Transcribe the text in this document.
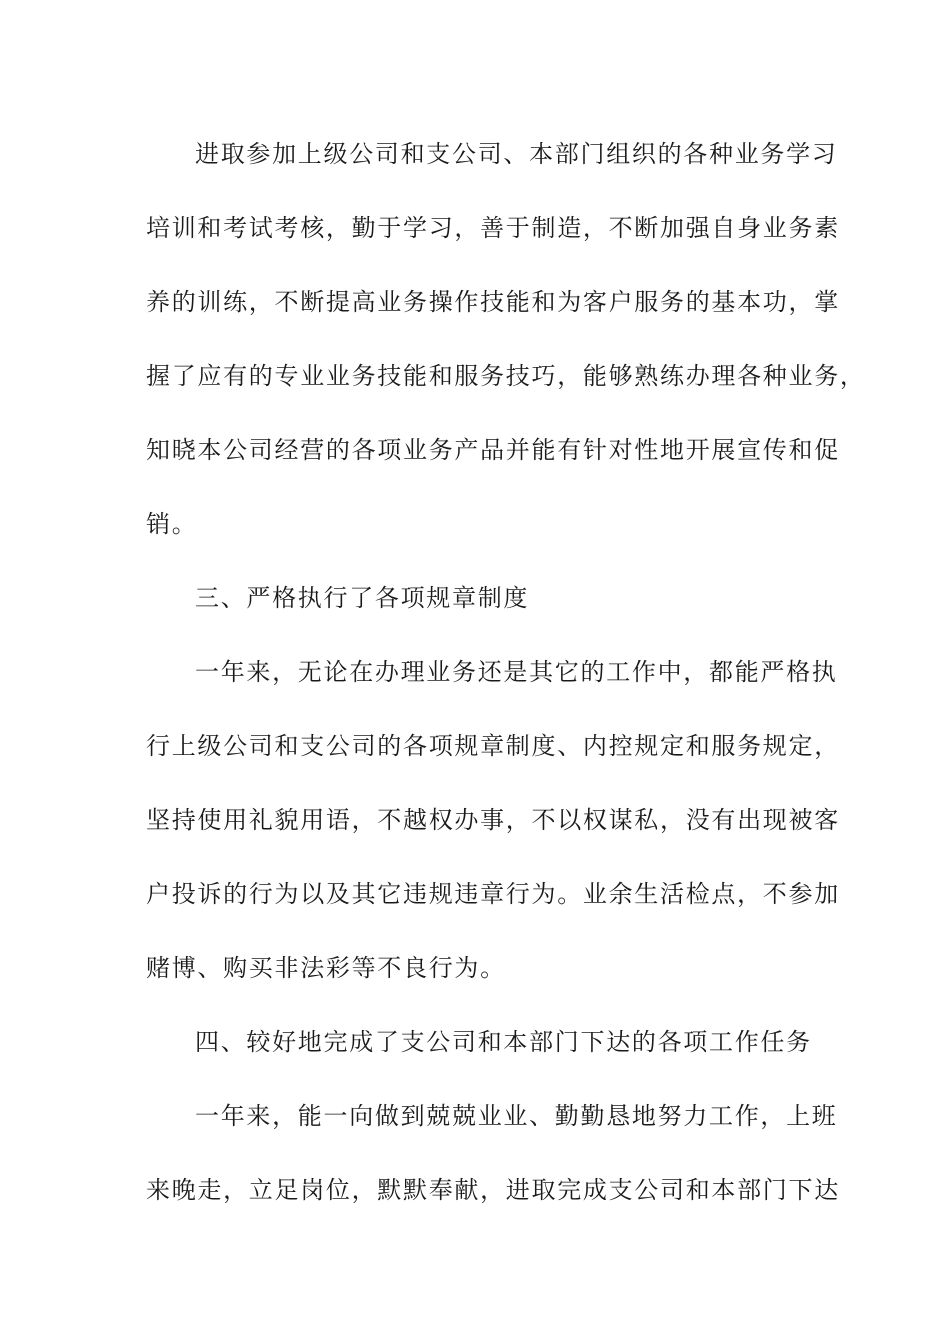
进取参加上级公司和支公司、本部门组织的各种业务学习
培训和考试考核，勤于学习，善于制造，不断加强自身业务素
养的训练，不断提高业务操作技能和为客户服务的基本功，掌
握了应有的专业业务技能和服务技巧，能够熟练办理各种业务，
知晓本公司经营的各项业务产品并能有针对性地开展宣传和促
销。
三、严格执行了各项规章制度
一年来，无论在办理业务还是其它的工作中，都能严格执
行上级公司和支公司的各项规章制度、内控规定和服务规定，
坚持使用礼貌用语，不越权办事，不以权谋私，没有出现被客
户投诉的行为以及其它违规违章行为。业余生活检点，不参加
赌博、购买非法彩等不良行为。
四、较好地完成了支公司和本部门下达的各项工作任务
一年来，能一向做到兢兢业业、勤勤恳地努力工作，上班
来晚走，立足岗位，默默奉献，进取完成支公司和本部门下达
